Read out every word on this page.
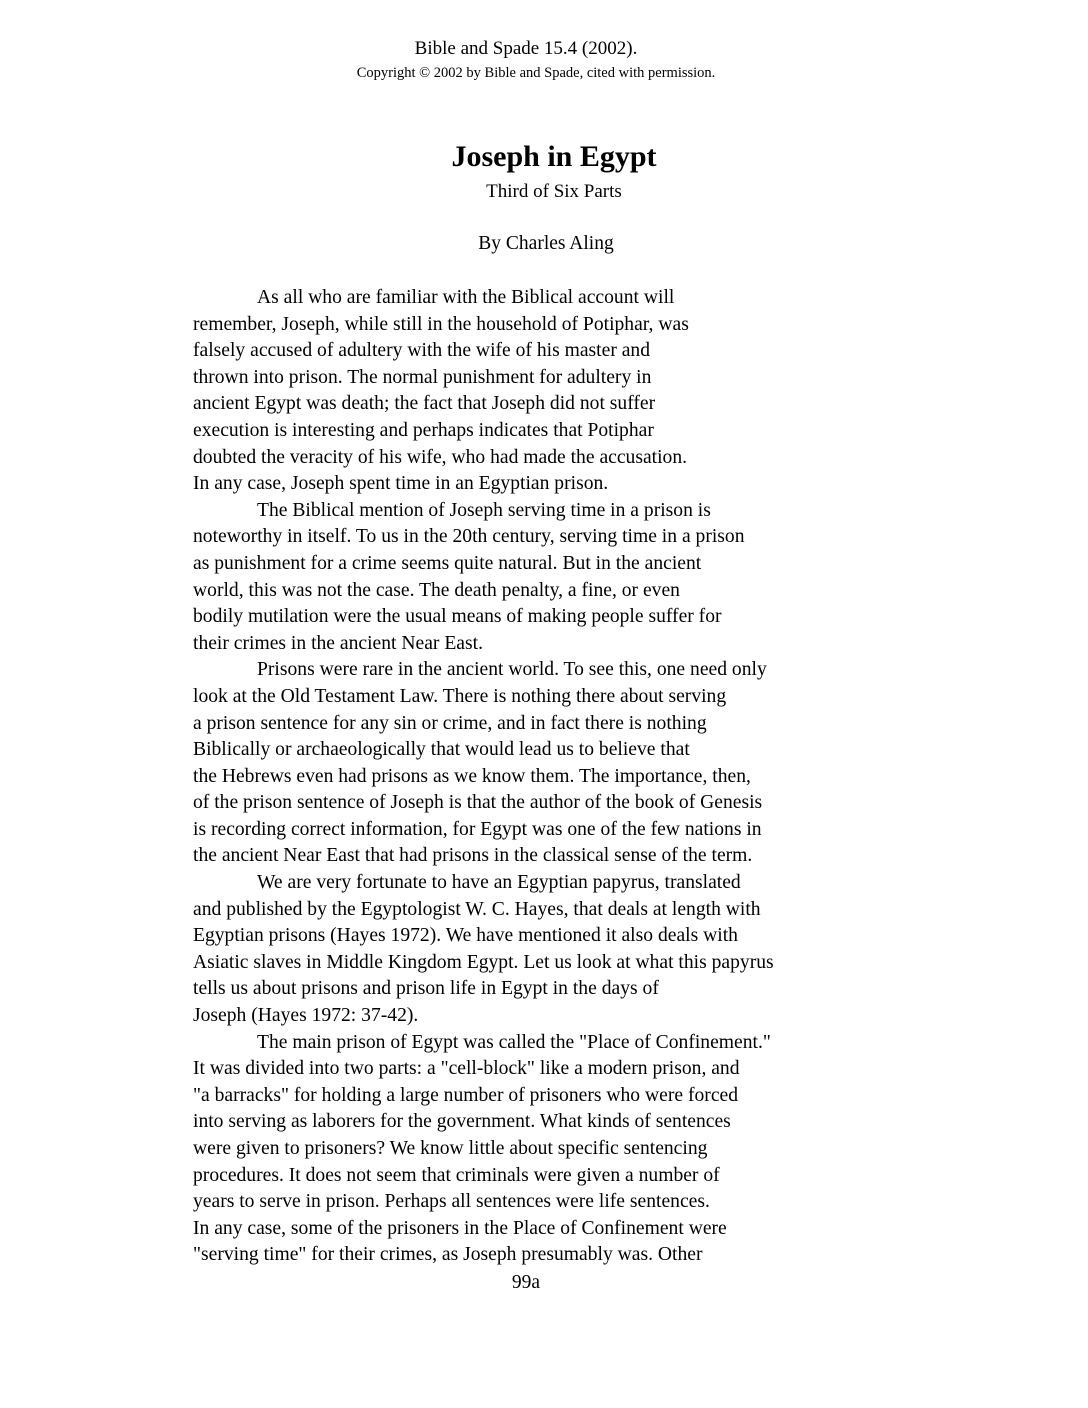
Bible and Spade 15.4 (2002).
Copyright © 2002 by Bible and Spade, cited with permission.
Joseph in Egypt
Third of Six Parts
By Charles Aling
As all who are familiar with the Biblical account will
remember, Joseph, while still in the household of Potiphar, was
falsely accused of adultery with the wife of his master and
thrown into prison. The normal punishment for adultery in
ancient Egypt was death; the fact that Joseph did not suffer
execution is interesting and perhaps indicates that Potiphar
doubted the veracity of his wife, who had made the accusation.
In any case, Joseph spent time in an Egyptian prison.
The Biblical mention of Joseph serving time in a prison is
noteworthy in itself. To us in the 20th century, serving time in a prison
as punishment for a crime seems quite natural. But in the ancient
world, this was not the case. The death penalty, a fine, or even
bodily mutilation were the usual means of making people suffer for
their crimes in the ancient Near East.
Prisons were rare in the ancient world. To see this, one need only
look at the Old Testament Law. There is nothing there about serving
a prison sentence for any sin or crime, and in fact there is nothing
Biblically or archaeologically that would lead us to believe that
the Hebrews even had prisons as we know them. The importance, then,
of the prison sentence of Joseph is that the author of the book of Genesis
is recording correct information, for Egypt was one of the few nations in
the ancient Near East that had prisons in the classical sense of the term.
We are very fortunate to have an Egyptian papyrus, translated
and published by the Egyptologist W. C. Hayes, that deals at length with
Egyptian prisons (Hayes 1972). We have mentioned it also deals with
Asiatic slaves in Middle Kingdom Egypt. Let us look at what this papyrus
tells us about prisons and prison life in Egypt in the days of
Joseph (Hayes 1972: 37-42).
The main prison of Egypt was called the "Place of Confinement."
It was divided into two parts: a "cell-block" like a modern prison, and
"a barracks" for holding a large number of prisoners who were forced
into serving as laborers for the government. What kinds of sentences
were given to prisoners? We know little about specific sentencing
procedures. It does not seem that criminals were given a number of
years to serve in prison. Perhaps all sentences were life sentences.
In any case, some of the prisoners in the Place of Confinement were
"serving time" for their crimes, as Joseph presumably was. Other
99a
